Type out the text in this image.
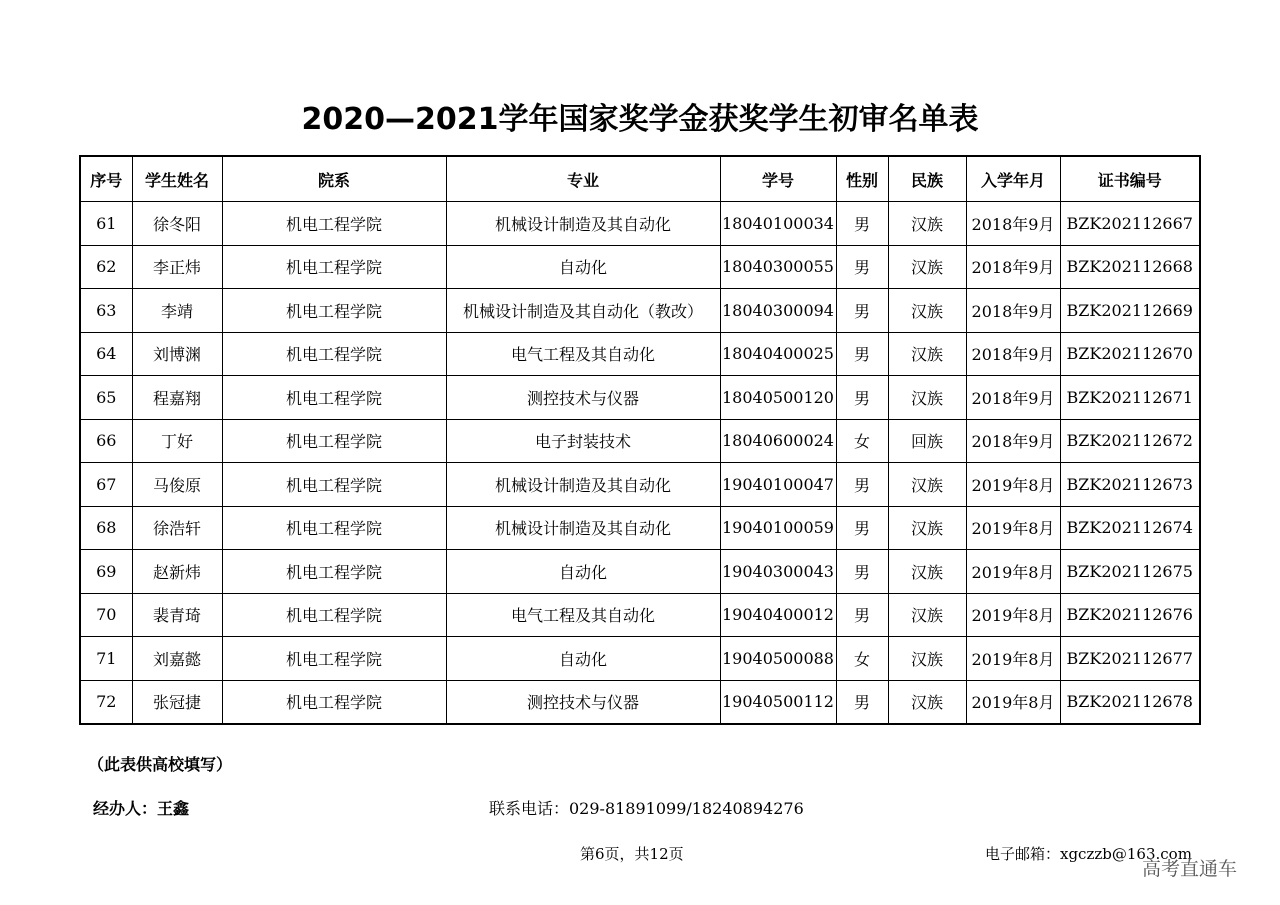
2020—2021学年国家奖学金获奖学生初审名单表
序号	学生姓名	院系	专业	学号	性别	民族	入学年月	证书编号
61	徐冬阳	机电工程学院	机械设计制造及其自动化	18040100034	男	汉族	2018年9月	BZK202112667
62	李正炜	机电工程学院	自动化	18040300055	男	汉族	2018年9月	BZK202112668
63	李靖	机电工程学院	机械设计制造及其自动化（教改）	18040300094	男	汉族	2018年9月	BZK202112669
64	刘博渊	机电工程学院	电气工程及其自动化	18040400025	男	汉族	2018年9月	BZK202112670
65	程嘉翔	机电工程学院	测控技术与仪器	18040500120	男	汉族	2018年9月	BZK202112671
66	丁好	机电工程学院	电子封装技术	18040600024	女	回族	2018年9月	BZK202112672
67	马俊原	机电工程学院	机械设计制造及其自动化	19040100047	男	汉族	2019年8月	BZK202112673
68	徐浩轩	机电工程学院	机械设计制造及其自动化	19040100059	男	汉族	2019年8月	BZK202112674
69	赵新炜	机电工程学院	自动化	19040300043	男	汉族	2019年8月	BZK202112675
70	裴青琦	机电工程学院	电气工程及其自动化	19040400012	男	汉族	2019年8月	BZK202112676
71	刘嘉懿	机电工程学院	自动化	19040500088	女	汉族	2019年8月	BZK202112677
72	张冠捷	机电工程学院	测控技术与仪器	19040500112	男	汉族	2019年8月	BZK202112678
（此表供高校填写）
经办人：王鑫	联系电话：029-81891099/18240894276
第6页，共12页	电子邮箱：xgczzb@163.com
高考直通车
